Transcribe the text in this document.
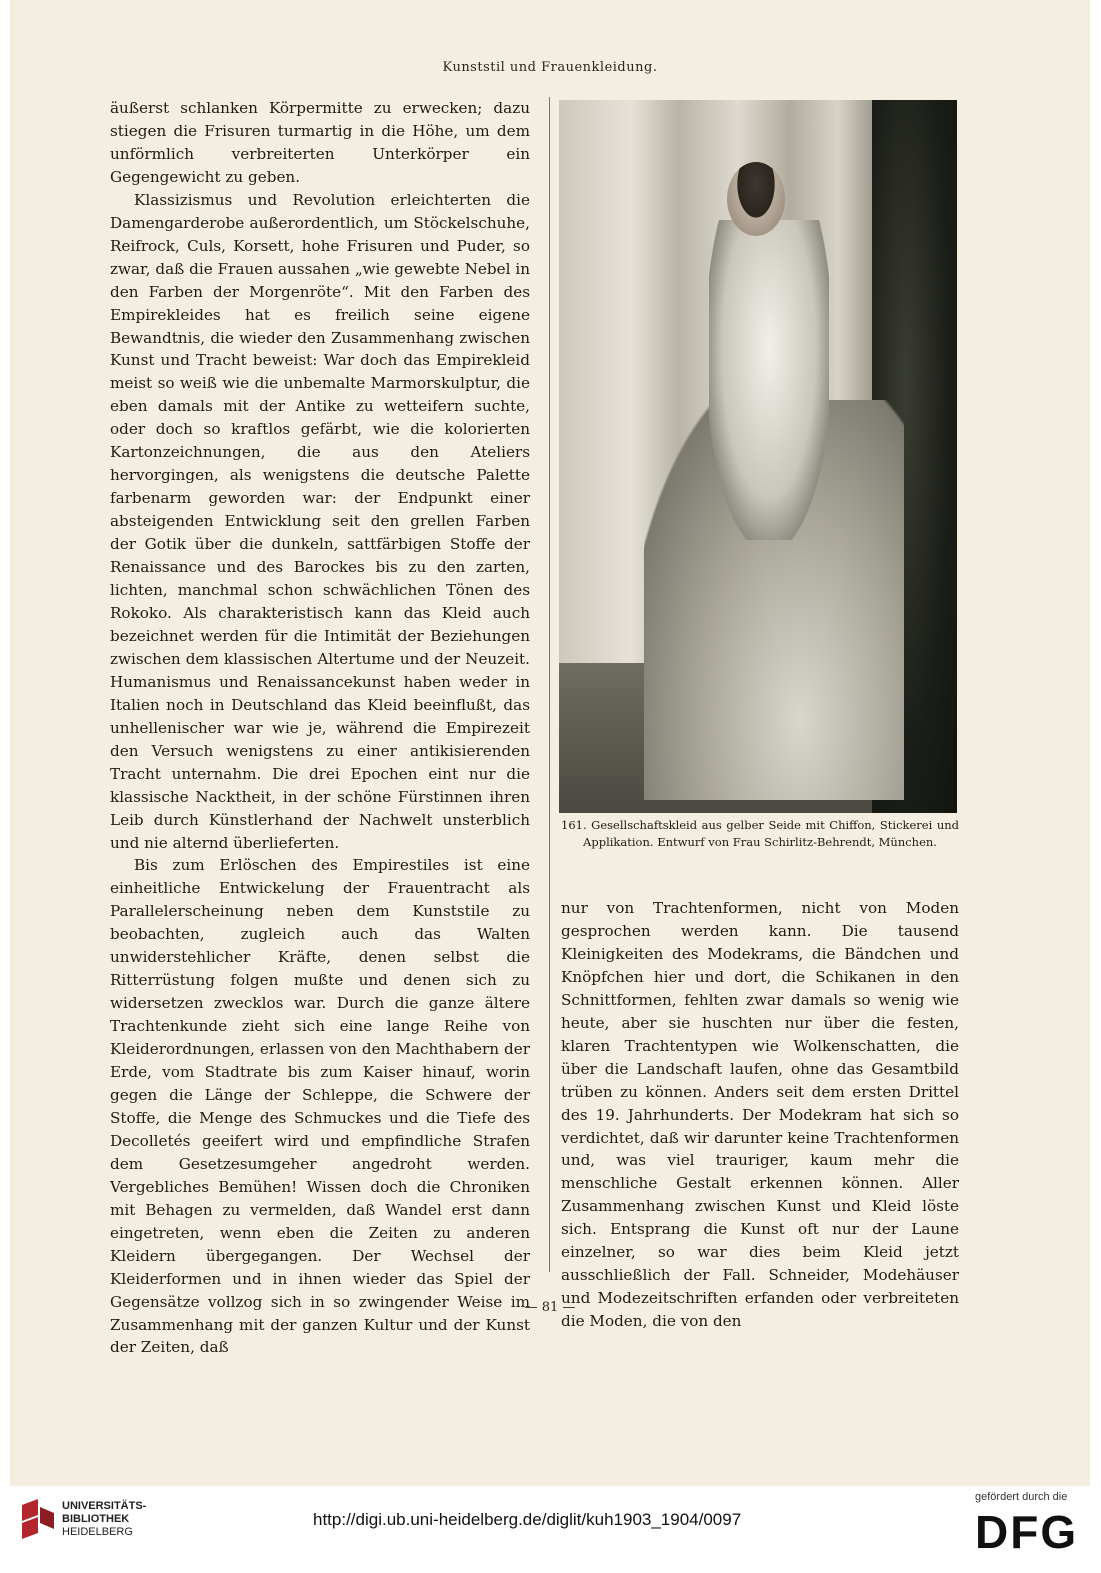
Kunststil und Frauenkleidung.

äußerst schlanken Körpermitte zu erwecken; dazu stiegen die Frisuren turmartig in die Höhe, um dem unförmlich verbreiterten Unterkörper ein Gegengewicht zu geben.

Klassizismus und Revolution erleichterten die Damengarderobe außerordentlich, um Stöckelschuhe, Reifrock, Culs, Korsett, hohe Frisuren und Puder, so zwar, daß die Frauen aussahen „wie gewebte Nebel in den Farben der Morgenröte“. Mit den Farben des Empirekleides hat es freilich seine eigene Bewandtnis, die wieder den Zusammenhang zwischen Kunst und Tracht beweist: War doch das Empirekleid meist so weiß wie die unbemalte Marmorskulptur, die eben damals mit der Antike zu wetteifern suchte, oder doch so kraftlos gefärbt, wie die kolorierten Kartonzeichnungen, die aus den Ateliers hervorgingen, als wenigstens die deutsche Palette farbenarm geworden war: der Endpunkt einer absteigenden Entwicklung seit den grellen Farben der Gotik über die dunkeln, sattfärbigen Stoffe der Renaissance und des Barockes bis zu den zarten, lichten, manchmal schon schwächlichen Tönen des Rokoko. Als charakteristisch kann das Kleid auch bezeichnet werden für die Intimität der Beziehungen zwischen dem klassischen Altertume und der Neuzeit. Humanismus und Renaissancekunst haben weder in Italien noch in Deutschland das Kleid beeinflußt, das unhellenischer war wie je, während die Empirezeit den Versuch wenigstens zu einer antikisierenden Tracht unternahm. Die drei Epochen eint nur die klassische Nacktheit, in der schöne Fürstinnen ihren Leib durch Künstlerhand der Nachwelt unsterblich und nie alternd überlieferten.

Bis zum Erlöschen des Empirestiles ist eine einheitliche Entwickelung der Frauentracht als Parallelerscheinung neben dem Kunststile zu beobachten, zugleich auch das Walten unwiderstehlicher Kräfte, denen selbst die Ritterrüstung folgen mußte und denen sich zu widersetzen zwecklos war. Durch die ganze ältere Trachtenkunde zieht sich eine lange Reihe von Kleiderordnungen, erlassen von den Machthabern der Erde, vom Stadtrate bis zum Kaiser hinauf, worin gegen die Länge der Schleppe, die Schwere der Stoffe, die Menge des Schmuckes und die Tiefe des Decolletés geeifert wird und empfindliche Strafen dem Gesetzesumgeher angedroht werden. Vergebliches Bemühen! Wissen doch die Chroniken mit Behagen zu vermelden, daß Wandel erst dann eingetreten, wenn eben die Zeiten zu anderen Kleidern übergegangen. Der Wechsel der Kleiderformen und in ihnen wieder das Spiel der Gegensätze vollzog sich in so zwingender Weise im Zusammenhang mit der ganzen Kultur und der Kunst der Zeiten, daß

161. Gesellschaftskleid aus gelber Seide mit Chiffon, Stickerei und Applikation. Entwurf von Frau Schirlitz-Behrendt, München.

nur von Trachtenformen, nicht von Moden gesprochen werden kann. Die tausend Kleinigkeiten des Modekrams, die Bändchen und Knöpfchen hier und dort, die Schikanen in den Schnittformen, fehlten zwar damals so wenig wie heute, aber sie huschten nur über die festen, klaren Trachtentypen wie Wolkenschatten, die über die Landschaft laufen, ohne das Gesamtbild trüben zu können. Anders seit dem ersten Drittel des 19. Jahrhunderts. Der Modekram hat sich so verdichtet, daß wir darunter keine Trachtenformen und, was viel trauriger, kaum mehr die menschliche Gestalt erkennen können. Aller Zusammenhang zwischen Kunst und Kleid löste sich. Entsprang die Kunst oft nur der Laune einzelner, so war dies beim Kleid jetzt ausschließlich der Fall. Schneider, Modehäuser und Modezeitschriften erfanden oder verbreiteten die Moden, die von den

— 81 —
UNIVERSITÄTS-
BIBLIOTHEK
HEIDELBERG
http://digi.ub.uni-heidelberg.de/diglit/kuh1903_1904/0097
gefördert durch die
DFG
